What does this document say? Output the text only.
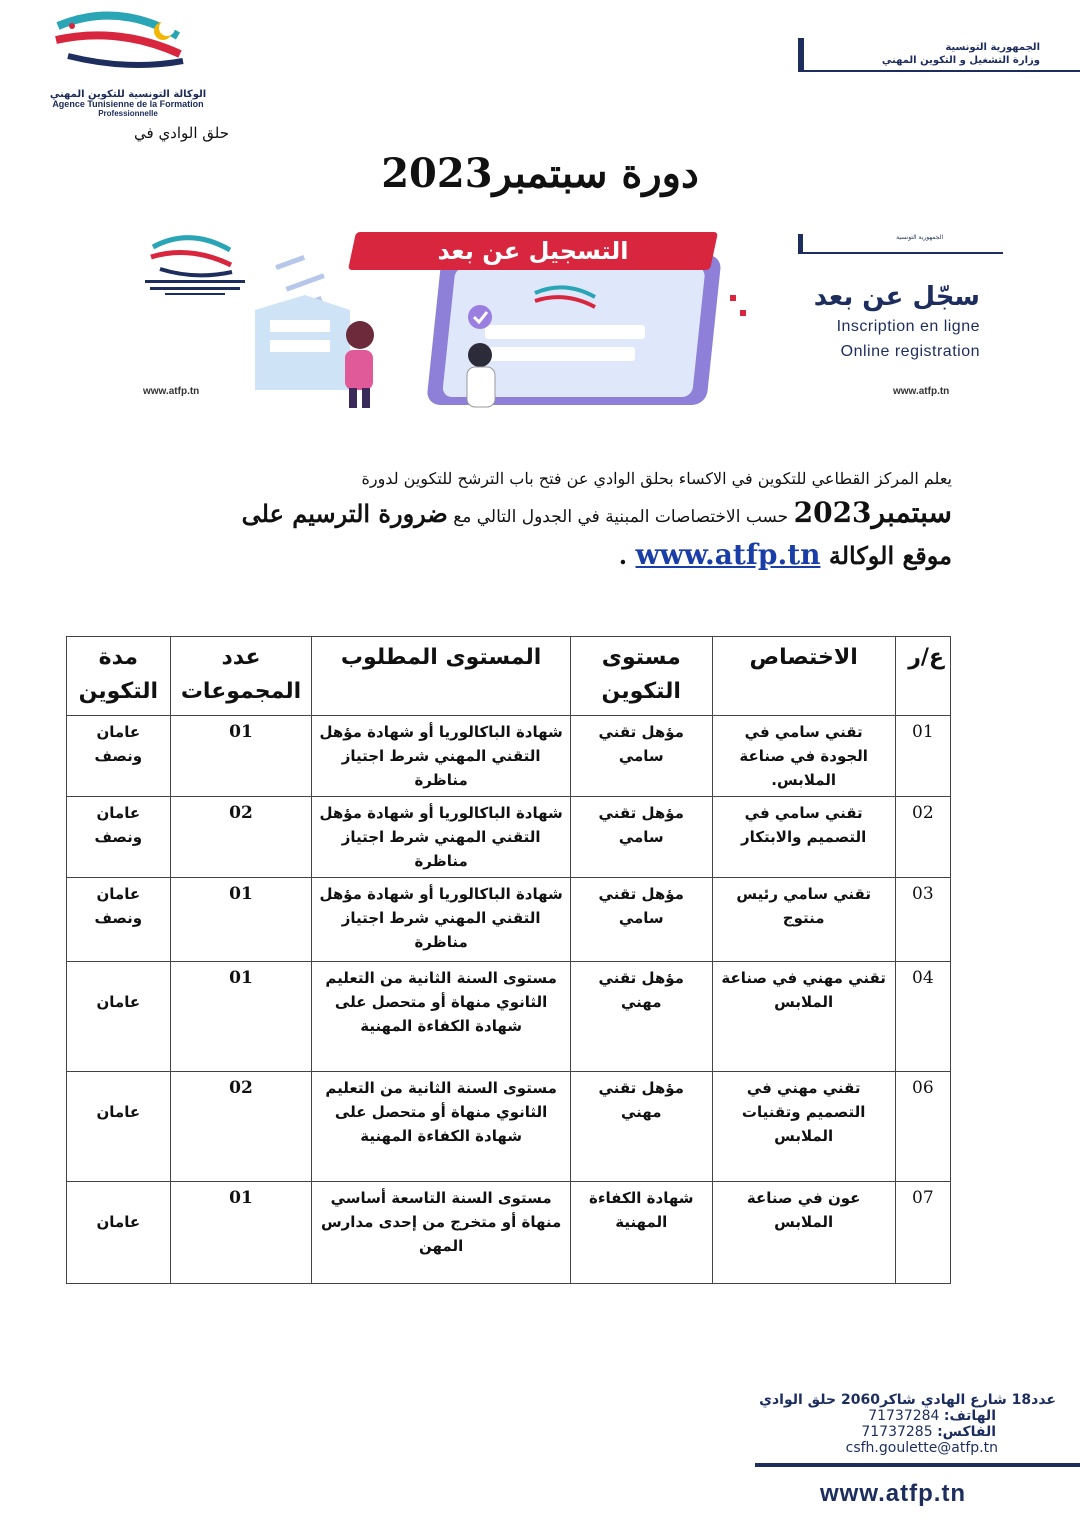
الوكالة التونسية للتكوين المهني
Agence Tunisienne de la Formation
Professionnelle
الجمهورية التونسية
وزارة التشغيل و التكوين المهني
حلق الوادي في
دورة سبتمبر2023
التسجيل عن بعد	الجمهورية التونسية
سجّل عن بعد
Inscription en ligne
Online registration
www.atfp.tn	www.atfp.tn
يعلم المركز القطاعي للتكوين في الاكساء بحلق الوادي عن فتح باب الترشح للتكوين لدورة
سبتمبر2023 حسب الاختصاصات المبنية في الجدول التالي مع ضرورة الترسيم على
موقع الوكالة www.atfp.tn .
ع/ر	الاختصاص	مستوى التكوين	المستوى المطلوب	عدد المجموعات	مدة التكوين
01	تقني سامي في الجودة في صناعة الملابس.	مؤهل تقني سامي	شهادة الباكالوريا أو شهادة مؤهل التقني المهني شرط اجتياز مناظرة	01	عامان ونصف
02	تقني سامي في التصميم والابتكار	مؤهل تقني سامي	شهادة الباكالوريا أو شهادة مؤهل التقني المهني شرط اجتياز مناظرة	02	عامان ونصف
03	تقني سامي رئيس منتوج	مؤهل تقني سامي	شهادة الباكالوريا أو شهادة مؤهل التقني المهني شرط اجتياز مناظرة	01	عامان ونصف
04	تقني مهني في صناعة الملابس	مؤهل تقني مهني	مستوى السنة الثانية من التعليم الثانوي منهاة أو متحصل على شهادة الكفاءة المهنية	01	عامان
06	تقني مهني في التصميم وتقنيات الملابس	مؤهل تقني مهني	مستوى السنة الثانية من التعليم الثانوي منهاة أو متحصل على شهادة الكفاءة المهنية	02	عامان
07	عون في صناعة الملابس	شهادة الكفاءة المهنية	مستوى السنة التاسعة أساسي منهاة أو متخرج من إحدى مدارس المهن	01	عامان
عدد18 شارع الهادي شاكر2060 حلق الوادي
الهاتف: 71737284
الفاكس: 71737285
csfh.goulette@atfp.tn
www.atfp.tn
